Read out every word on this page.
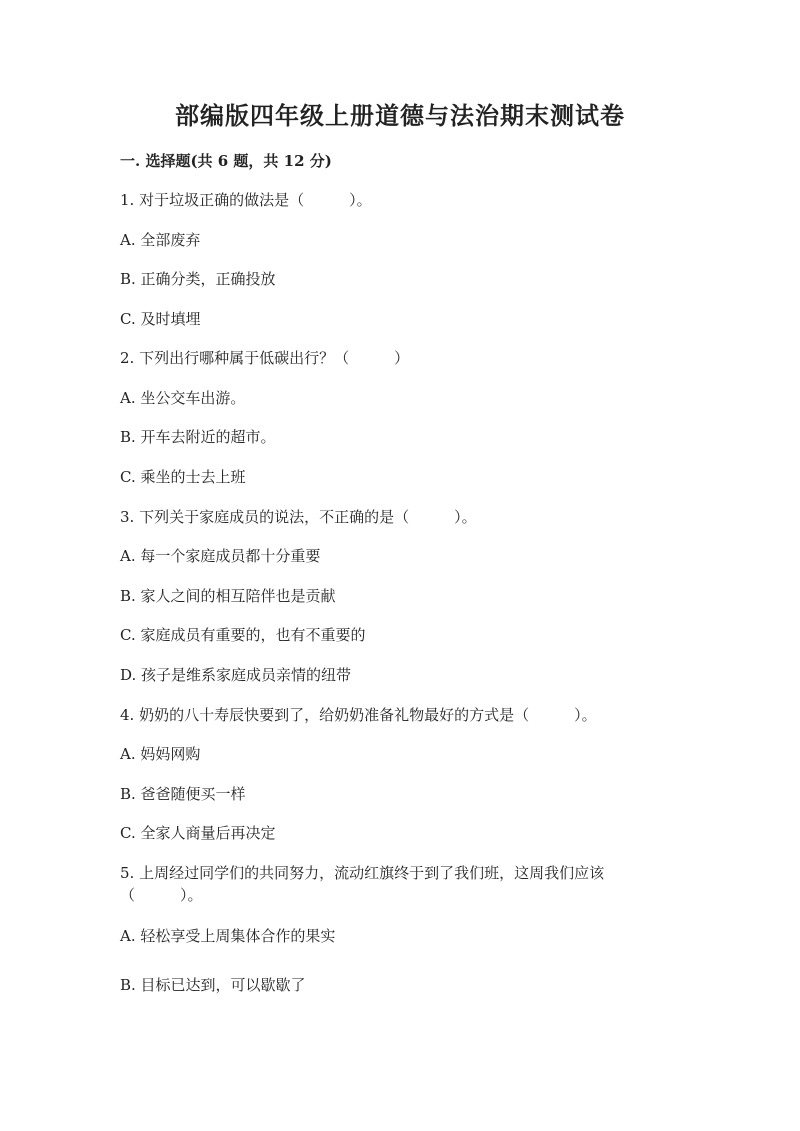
部编版四年级上册道德与法治期末测试卷
一. 选择题(共 6 题，共 12 分)
1. 对于垃圾正确的做法是（　　　）。
A. 全部废弃
B. 正确分类，正确投放
C. 及时填埋
2. 下列出行哪种属于低碳出行？（　　　）
A. 坐公交车出游。
B. 开车去附近的超市。
C. 乘坐的士去上班
3. 下列关于家庭成员的说法，不正确的是（　　　）。
A. 每一个家庭成员都十分重要
B. 家人之间的相互陪伴也是贡献
C. 家庭成员有重要的，也有不重要的
D. 孩子是维系家庭成员亲情的纽带
4. 奶奶的八十寿辰快要到了，给奶奶准备礼物最好的方式是（　　　）。
A. 妈妈网购
B. 爸爸随便买一样
C. 全家人商量后再决定
5. 上周经过同学们的共同努力，流动红旗终于到了我们班，这周我们应该
（　　　）。
A. 轻松享受上周集体合作的果实
B. 目标已达到，可以歇歇了
